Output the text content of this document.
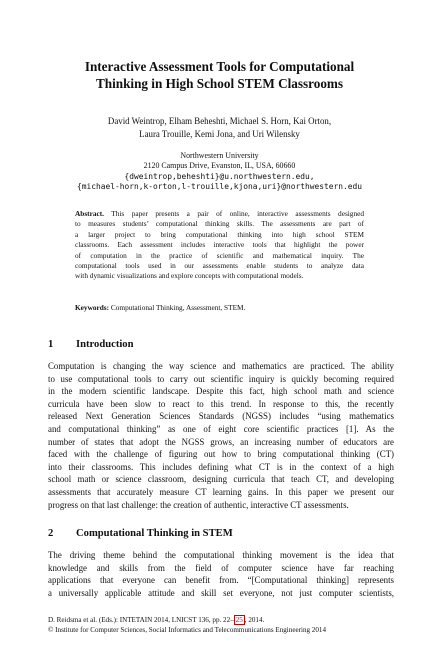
Interactive Assessment Tools for Computational
Thinking in High School STEM Classrooms
David Weintrop, Elham Beheshti, Michael S. Horn, Kai Orton,
Laura Trouille, Kemi Jona, and Uri Wilensky
Northwestern University
2120 Campus Drive, Evanston, IL, USA, 60660
{dweintrop,beheshti}@u.northwestern.edu,
{michael-horn,k-orton,l-trouille,kjona,uri}@northwestern.edu
Abstract. This paper presents a pair of online, interactive assessments designed
to measures students’ computational thinking skills. The assessments are part of
a larger project to bring computational thinking into high school STEM
classrooms. Each assessment includes interactive tools that highlight the power
of computation in the practice of scientific and mathematical inquiry. The
computational tools used in our assessments enable students to analyze data
with dynamic visualizations and explore concepts with computational models.
Keywords: Computational Thinking, Assessment, STEM.
1 Introduction
Computation is changing the way science and mathematics are practiced. The ability
to use computational tools to carry out scientific inquiry is quickly becoming required
in the modern scientific landscape. Despite this fact, high school math and science
curricula have been slow to react to this trend. In response to this, the recently
released Next Generation Sciences Standards (NGSS) includes “using mathematics
and computational thinking” as one of eight core scientific practices [1]. As the
number of states that adopt the NGSS grows, an increasing number of educators are
faced with the challenge of figuring out how to bring computational thinking (CT)
into their classrooms. This includes defining what CT is in the context of a high
school math or science classroom, designing curricula that teach CT, and developing
assessments that accurately measure CT learning gains. In this paper we present our
progress on that last challenge: the creation of authentic, interactive CT assessments.
2 Computational Thinking in STEM
The driving theme behind the computational thinking movement is the idea that
knowledge and skills from the field of computer science have far reaching
applications that everyone can benefit from. “[Computational thinking] represents
a universally applicable attitude and skill set everyone, not just computer scientists,
D. Reidsma et al. (Eds.): INTETAIN 2014, LNICST 136, pp. 22– 25 , 2014.
© Institute for Computer Sciences, Social Informatics and Telecommunications Engineering 2014
